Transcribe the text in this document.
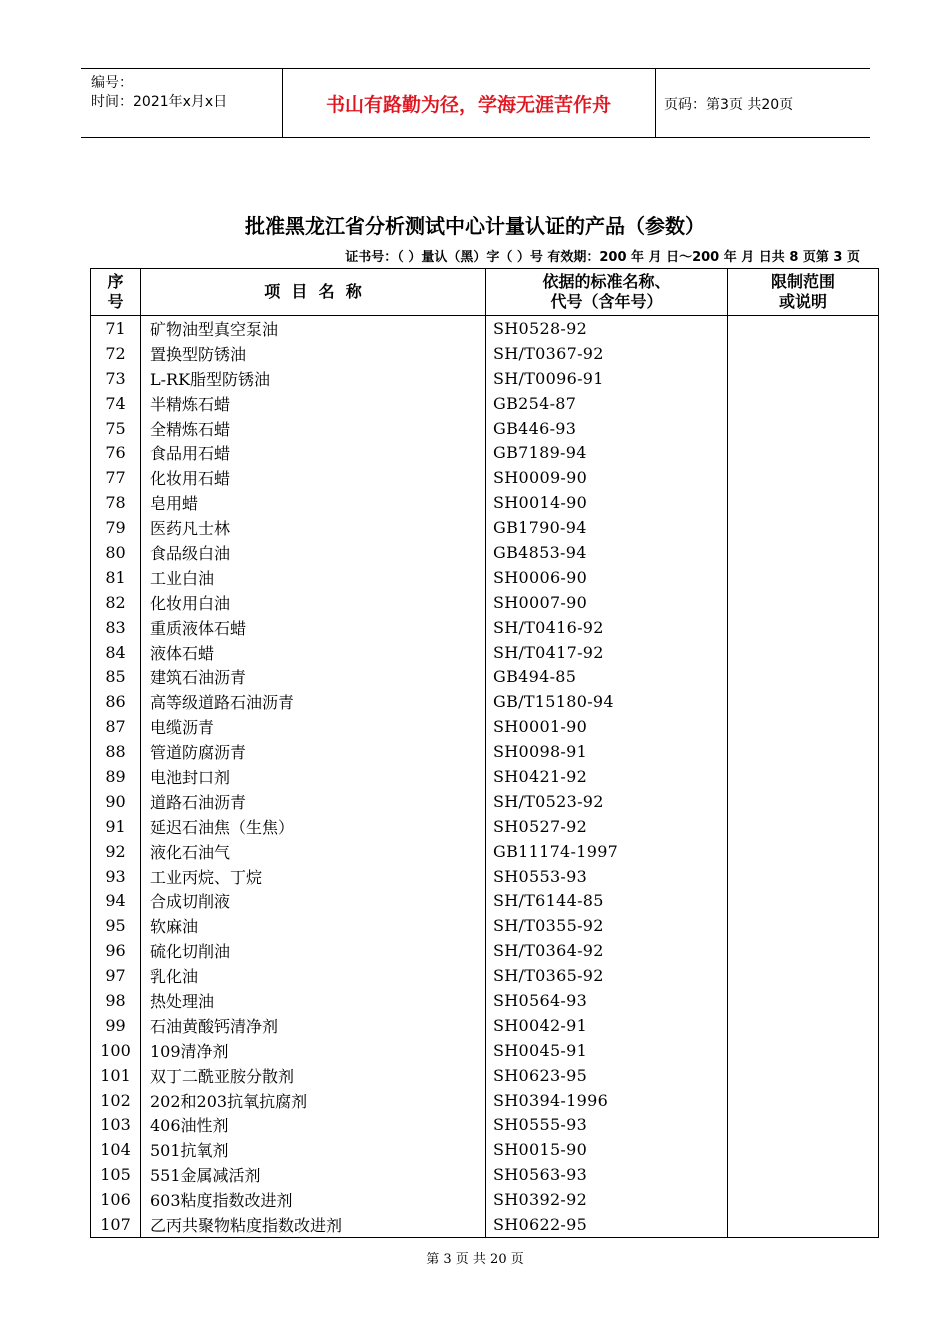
编号：
时间：2021年x月x日	书山有路勤为径，学海无涯苦作舟	页码：第3页 共20页
批准黑龙江省分析测试中心计量认证的产品（参数）
证书号：（ ）量认（黑）字（ ）号 有效期：200 年 月 日～200 年 月 日共 8 页第 3 页
序号	项  目  名  称	依据的标准名称、代号（含年号）	限制范围或说明

71	矿物油型真空泵油	SH0528-92	
72	置换型防锈油	SH/T0367-92	
73	L-RK脂型防锈油	SH/T0096-91	
74	半精炼石蜡	GB254-87	
75	全精炼石蜡	GB446-93	
76	食品用石蜡	GB7189-94	
77	化妆用石蜡	SH0009-90	
78	皂用蜡	SH0014-90	
79	医药凡士林	GB1790-94	
80	食品级白油	GB4853-94	
81	工业白油	SH0006-90	
82	化妆用白油	SH0007-90	
83	重质液体石蜡	SH/T0416-92	
84	液体石蜡	SH/T0417-92	
85	建筑石油沥青	GB494-85	
86	高等级道路石油沥青	GB/T15180-94	
87	电缆沥青	SH0001-90	
88	管道防腐沥青	SH0098-91	
89	电池封口剂	SH0421-92	
90	道路石油沥青	SH/T0523-92	
91	延迟石油焦（生焦）	SH0527-92	
92	液化石油气	GB11174-1997	
93	工业丙烷、丁烷	SH0553-93	
94	合成切削液	SH/T6144-85	
95	软麻油	SH/T0355-92	
96	硫化切削油	SH/T0364-92	
97	乳化油	SH/T0365-92	
98	热处理油	SH0564-93	
99	石油黄酸钙清净剂	SH0042-91	
100	109清净剂	SH0045-91	
101	双丁二酰亚胺分散剂	SH0623-95	
102	202和203抗氧抗腐剂	SH0394-1996	
103	406油性剂	SH0555-93	
104	501抗氧剂	SH0015-90	
105	551金属减活剂	SH0563-93	
106	603粘度指数改进剂	SH0392-92	
107	乙丙共聚物粘度指数改进剂	SH0622-95	
第 3 页 共 20 页
